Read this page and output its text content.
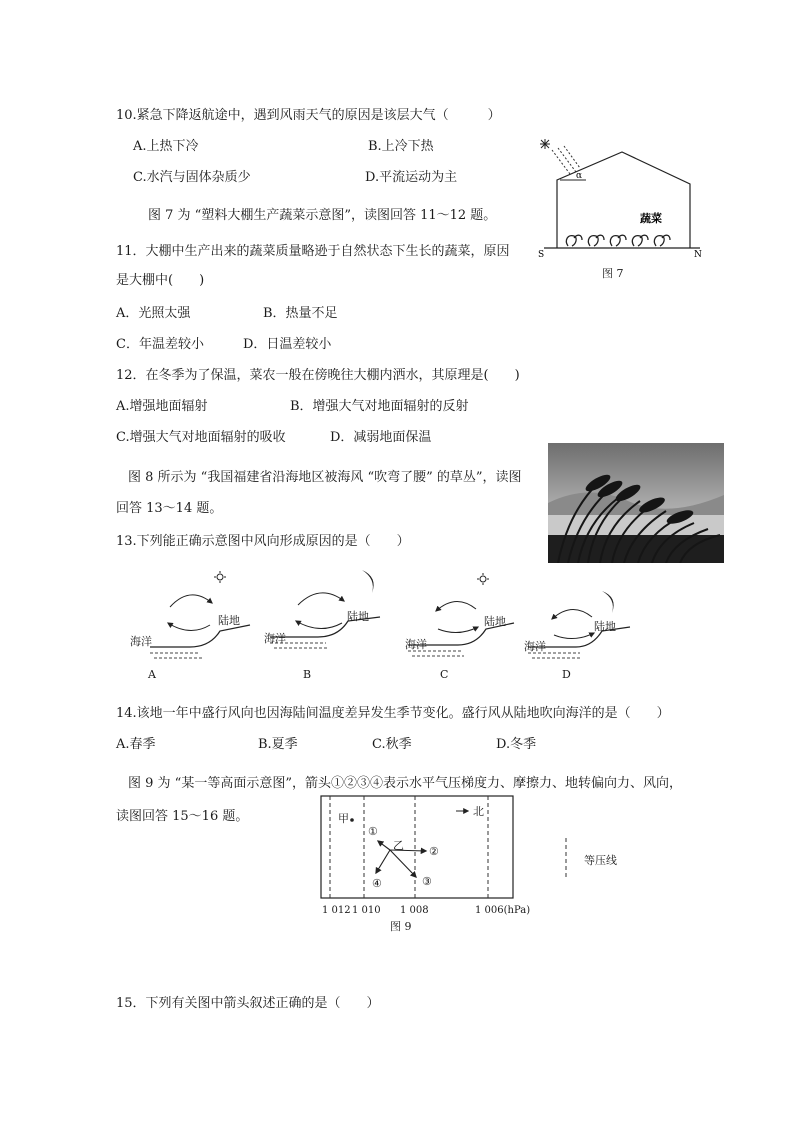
10.紧急下降返航途中，遇到风雨天气的原因是该层大气（　　　）
A.上热下冷	B.上冷下热
C.水汽与固体杂质少	D.平流运动为主
图 7 为 “塑料大棚生产蔬菜示意图”，读图回答 11～12 题。
α
蔬菜
S	N
图 7
11．大棚中生产出来的蔬菜质量略逊于自然状态下生长的蔬菜，原因
是大棚中(　　)
A．光照太强	B．热量不足
C．年温差较小	D．日温差较小
12．在冬季为了保温，菜农一般在傍晚往大棚内洒水，其原理是(　　)
A.增强地面辐射	B．增强大气对地面辐射的反射
C.增强大气对地面辐射的吸收	D．减弱地面保温
图 8 所示为 “我国福建省沿海地区被海风 “吹弯了腰” 的草丛”，读图
回答 13～14 题。
13.下列能正确示意图中风向形成原因的是（　　）
陆地
海洋
A
陆地
海洋
B
陆地
海洋
C
陆地
海洋
D
14.该地一年中盛行风向也因海陆间温度差异发生季节变化。盛行风从陆地吹向海洋的是（　　）
A.春季	B.夏季	C.秋季	D.冬季
图 9 为 “某一等高面示意图”，箭头①②③④表示水平气压梯度力、摩擦力、地转偏向力、风向，
读图回答 15～16 题。	甲
北
乙
①
②
③
④
1 012 1 010 1 008	1 006(hPa)
图 9
等压线
15．下列有关图中箭头叙述正确的是（　　）
